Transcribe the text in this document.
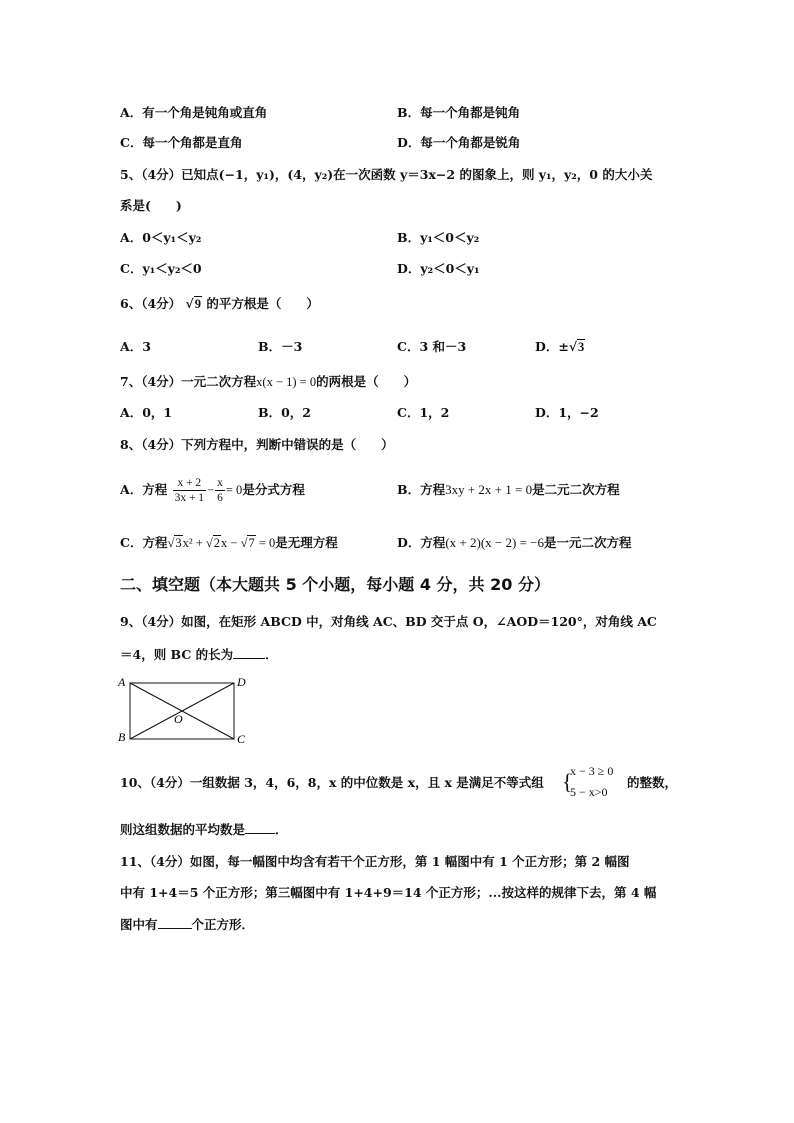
A．有一个角是钝角或直角	B．每一个角都是钝角
C．每一个角都是直角	D．每一个角都是锐角
5、（4分）已知点(−1，y₁)，(4，y₂)在一次函数 y＝3x−2 的图象上，则 y₁，y₂，0 的大小关
系是(　　)
A．0＜y₁＜y₂	B．y₁＜0＜y₂
C．y₁＜y₂＜0	D．y₂＜0＜y₁
6、（4分） √9 的平方根是（　　）
A．3	B．－3	C．3 和－3	D．±√3
7、（4分）一元二次方程x(x − 1) = 0的两根是（　　）
A．0，1	B．0，2	C．1，2	D．1，−2
8、（4分）下列方程中，判断中错误的是（　　）
A．方程 $\frac{x + 2}{3x + 1} - \frac{x}{6} = 0$是分式方程	B．方程3xy + 2x + 1 = 0是二元二次方程
C．方程√3x² + √2x − √7 = 0是无理方程	D．方程(x + 2)(x − 2) = −6是一元二次方程
二、填空题（本大题共 5 个小题，每小题 4 分，共 20 分）
9、（4分）如图，在矩形 ABCD 中，对角线 AC、BD 交于点 O，∠AOD＝120°，对角线 AC
＝4，则 BC 的长为	．
A	D
B	C
O
10、（4分）一组数据 3，4，6，8，x 的中位数是 x，且 x 是满足不等式组 {
x − 3 ≥ 0
5 − x>0
的整数，
则这组数据的平均数是 ．
11、（4分）如图，每一幅图中均含有若干个正方形，第 1 幅图中有 1 个正方形；第 2 幅图
中有 1+4＝5 个正方形；第三幅图中有 1+4+9＝14 个正方形；...按这样的规律下去，第 4 幅
图中有	个正方形．
